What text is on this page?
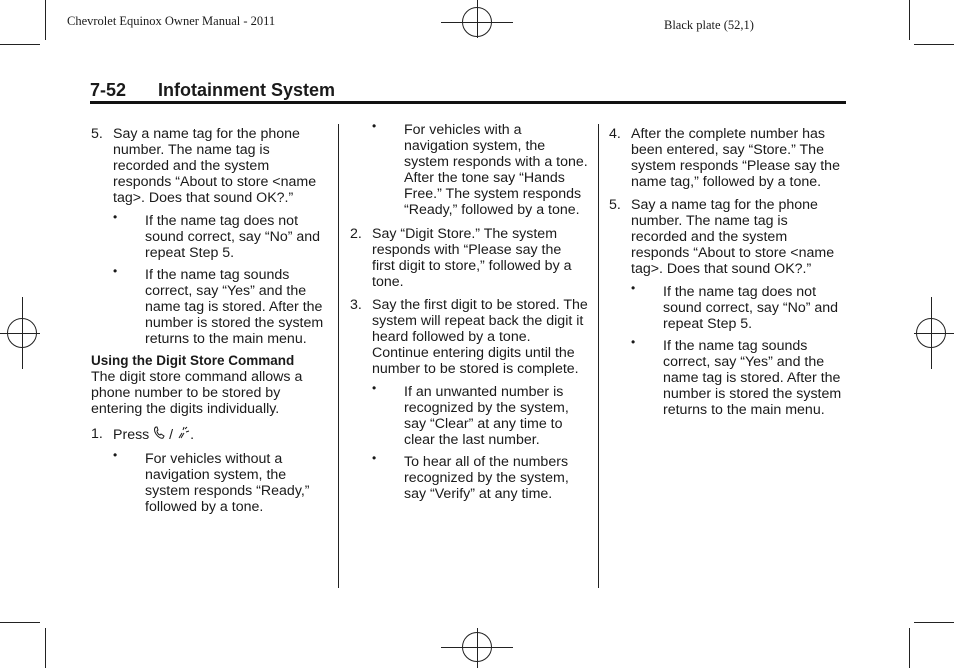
Chevrolet Equinox Owner Manual - 2011	Black plate (52,1)
7-52 Infotainment System
5. Say a name tag for the phone number. The name tag is recorded and the system responds “About to store <name tag>. Does that sound OK?.”

• If the name tag does not sound correct, say “No” and repeat Step 5.

• If the name tag sounds correct, say “Yes” and the name tag is stored. After the number is stored the system returns to the main menu.

Using the Digit Store Command

The digit store command allows a phone number to be stored by entering the digits individually.

1. Press / .

• For vehicles without a navigation system, the system responds “Ready,” followed by a tone.

• For vehicles with a navigation system, the system responds with a tone. After the tone say “Hands Free.” The system responds “Ready,” followed by a tone.

2. Say “Digit Store.” The system responds with “Please say the first digit to store,” followed by a tone.

3. Say the first digit to be stored. The system will repeat back the digit it heard followed by a tone. Continue entering digits until the number to be stored is complete.

• If an unwanted number is recognized by the system, say “Clear” at any time to clear the last number.

• To hear all of the numbers recognized by the system, say “Verify” at any time.

4. After the complete number has been entered, say “Store.” The system responds “Please say the name tag,” followed by a tone.

5. Say a name tag for the phone number. The name tag is recorded and the system responds “About to store <name tag>. Does that sound OK?.”

• If the name tag does not sound correct, say “No” and repeat Step 5.

• If the name tag sounds correct, say “Yes” and the name tag is stored. After the number is stored the system returns to the main menu.
